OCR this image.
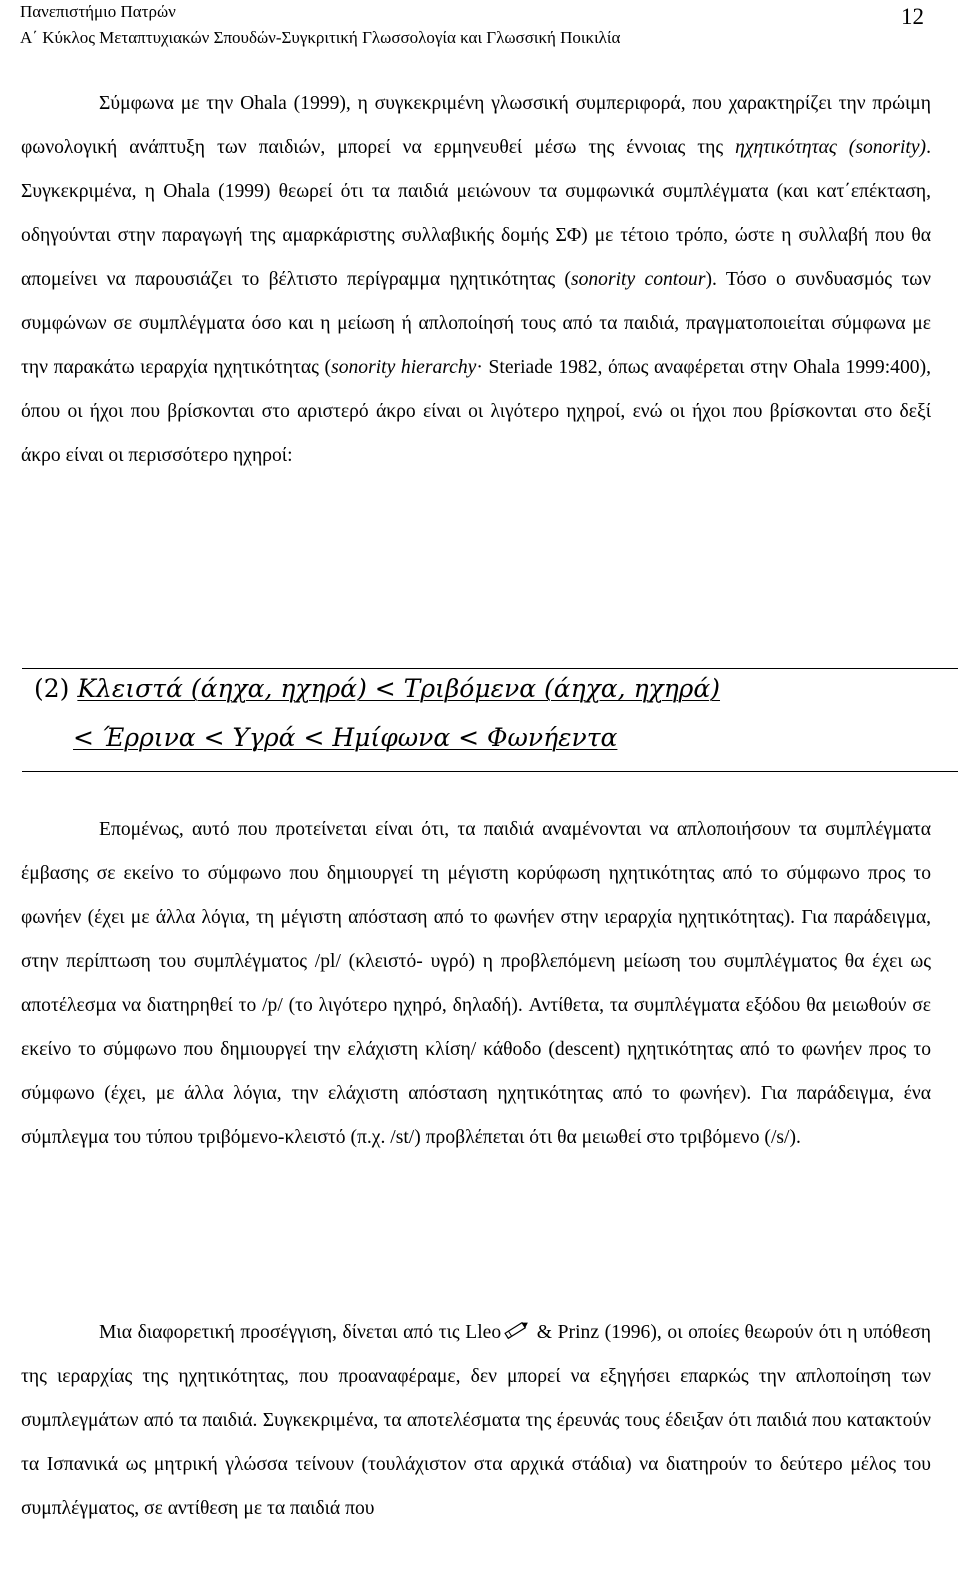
Πανεπιστήμιο Πατρών
Α΄ Κύκλος Μεταπτυχιακών Σπουδών-Συγκριτική Γλωσσολογία και Γλωσσική Ποικιλία
12

Σύμφωνα με την Ohala (1999), η συγκεκριμένη γλωσσική συμπεριφορά, που χαρακτηρίζει την πρώιμη φωνολογική ανάπτυξη των παιδιών, μπορεί να ερμηνευθεί μέσω της έννοιας της ηχητικότητας (sonority). Συγκεκριμένα, η Ohala (1999) θεωρεί ότι τα παιδιά μειώνουν τα συμφωνικά συμπλέγματα (και κατ΄επέκταση, οδηγούνται στην παραγωγή της αμαρκάριστης συλλαβικής δομής ΣΦ) με τέτοιο τρόπο, ώστε η συλλαβή που θα απομείνει να παρουσιάζει το βέλτιστο περίγραμμα ηχητικότητας (sonority contour). Τόσο ο συνδυασμός των συμφώνων σε συμπλέγματα όσο και η μείωση ή απλοποίησή τους από τα παιδιά, πραγματοποιείται σύμφωνα με την παρακάτω ιεραρχία ηχητικότητας (sonority hierarchy· Steriade 1982, όπως αναφέρεται στην Ohala 1999:400), όπου οι ήχοι που βρίσκονται στο αριστερό άκρο είναι οι λιγότερο ηχηροί, ενώ οι ήχοι που βρίσκονται στο δεξί άκρο είναι οι περισσότερο ηχηροί:

(2) Κλειστά (άηχα, ηχηρά) < Τριβόμενα (άηχα, ηχηρά)
< Έρρινα < Υγρά < Ημίφωνα < Φωνήεντα

Επομένως, αυτό που προτείνεται είναι ότι, τα παιδιά αναμένονται να απλοποιήσουν τα συμπλέγματα έμβασης σε εκείνο το σύμφωνο που δημιουργεί τη μέγιστη κορύφωση ηχητικότητας από το σύμφωνο προς το φωνήεν (έχει με άλλα λόγια, τη μέγιστη απόσταση από το φωνήεν στην ιεραρχία ηχητικότητας). Για παράδειγμα, στην περίπτωση του συμπλέγματος /pl/ (κλειστό- υγρό) η προβλεπόμενη μείωση του συμπλέγματος θα έχει ως αποτέλεσμα να διατηρηθεί το /p/ (το λιγότερο ηχηρό, δηλαδή). Αντίθετα, τα συμπλέγματα εξόδου θα μειωθούν σε εκείνο το σύμφωνο που δημιουργεί την ελάχιστη κλίση/ κάθοδο (descent) ηχητικότητας από το φωνήεν προς το σύμφωνο (έχει, με άλλα λόγια, την ελάχιστη απόσταση ηχητικότητας από το φωνήεν). Για παράδειγμα, ένα σύμπλεγμα του τύπου τριβόμενο-κλειστό (π.χ. /st/) προβλέπεται ότι θα μειωθεί στο τριβόμενο (/s/).

Μια διαφορετική προσέγγιση, δίνεται από τις Lleo & Prinz (1996), οι οποίες θεωρούν ότι η υπόθεση της ιεραρχίας της ηχητικότητας, που προαναφέραμε, δεν μπορεί να εξηγήσει επαρκώς την απλοποίηση των συμπλεγμάτων από τα παιδιά. Συγκεκριμένα, τα αποτελέσματα της έρευνάς τους έδειξαν ότι παιδιά που κατακτούν τα Ισπανικά ως μητρική γλώσσα τείνουν (τουλάχιστον στα αρχικά στάδια) να διατηρούν το δεύτερο μέλος του συμπλέγματος, σε αντίθεση με τα παιδιά που
